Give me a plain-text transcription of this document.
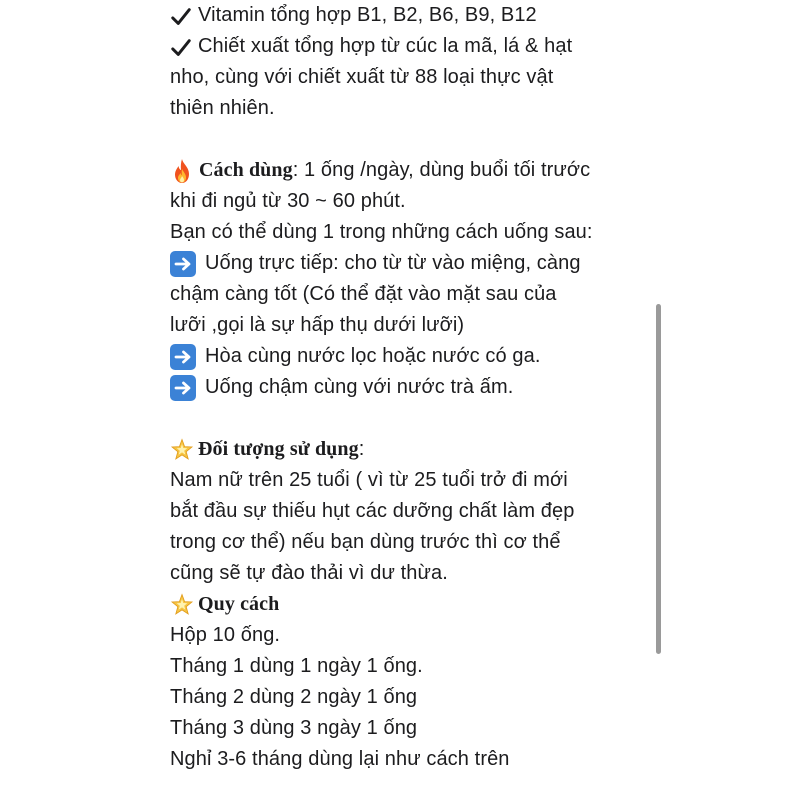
Vitamin tổng hợp B1, B2, B6, B9, B12
Chiết xuất tổng hợp từ cúc la mã, lá & hạt
nho, cùng với chiết xuất từ 88 loại thực vật
thiên nhiên.
Cách dùng : 1 ống /ngày, dùng buổi tối trước
khi đi ngủ từ 30 ~ 60 phút.
Bạn có thể dùng 1 trong những cách uống sau:
Uống trực tiếp: cho từ từ vào miệng, càng
chậm càng tốt (Có thể đặt vào mặt sau của
lưỡi ,gọi là sự hấp thụ dưới lưỡi)
Hòa cùng nước lọc hoặc nước có ga.
Uống chậm cùng với nước trà ấm.
Đối tượng sử dụng :
Nam nữ trên 25 tuổi ( vì từ 25 tuổi trở đi mới
bắt đầu sự thiếu hụt các dưỡng chất làm đẹp
trong cơ thể) nếu bạn dùng trước thì cơ thể
cũng sẽ tự đào thải vì dư thừa.
Quy cách
Hộp 10 ống.
Tháng 1 dùng 1 ngày 1 ống.
Tháng 2 dùng 2 ngày 1 ống
Tháng 3 dùng 3 ngày 1 ống
Nghỉ 3-6 tháng dùng lại như cách trên
